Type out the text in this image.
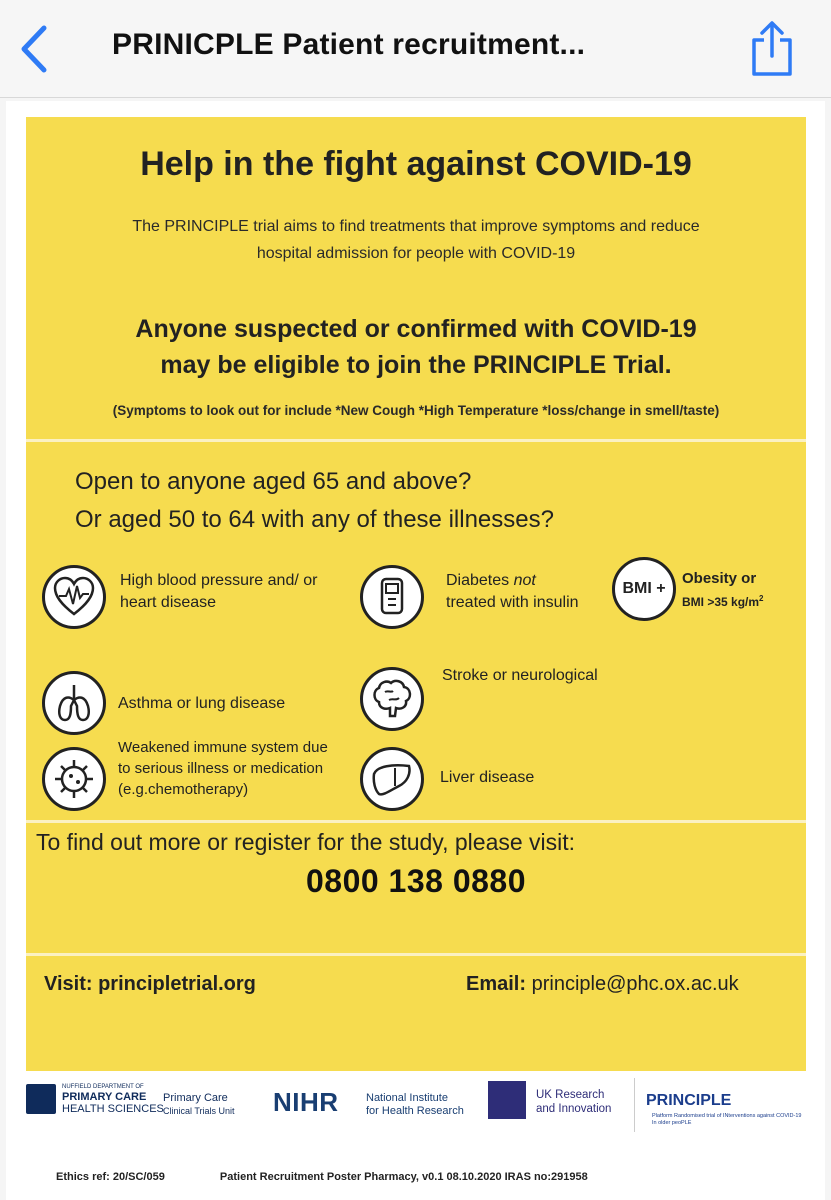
PRINICPLE Patient recruitment...
Help in the fight against COVID-19
The PRINCIPLE trial aims to find treatments that improve symptoms and reduce
hospital admission for people with COVID-19
Anyone suspected or confirmed with COVID-19
may be eligible to join the PRINCIPLE Trial.
(Symptoms to look out for include *New Cough *High Temperature *loss/change in smell/taste)
Open to anyone aged 65 and above?
Or aged 50 to 64 with any of these illnesses?
High blood pressure and/ or
heart disease
Diabetes not
treated with insulin
BMI +
Obesity or
BMI >35 $kg/m^2$
Asthma or lung disease
Stroke or neurological
Weakened immune system due
to serious illness or medication
(e.g.chemotherapy)
Liver disease
To find out more or register for the study, please visit:
0800 138 0880
Visit: principletrial.org	Email: principle@phc.ox.ac.uk
NUFFIELD DEPARTMENT OF
PRIMARY CARE
HEALTH SCIENCES
Primary Care
Clinical Trials Unit NIHR National Institute
for Health Research
UK Research
and Innovation PRINCIPLE
Platform Randomised trial of INterventions against COVID-19 In older peoPLE
Ethics ref: 20/SC/059	Patient Recruitment Poster Pharmacy, v0.1 08.10.2020 IRAS no:291958
